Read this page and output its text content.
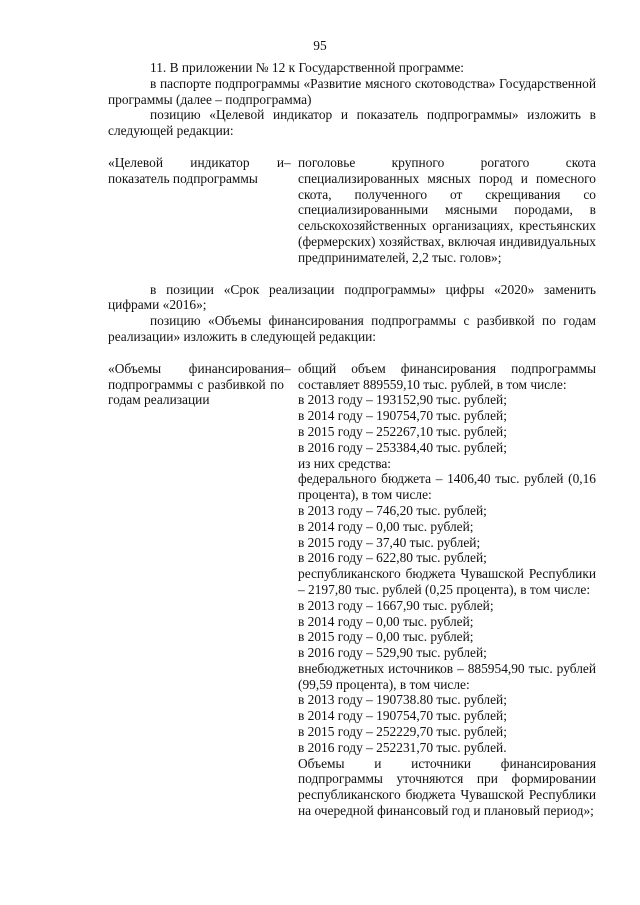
95

11. В приложении № 12 к Государственной программе:

в паспорте подпрограммы «Развитие мясного скотоводства» Государственной программы (далее – подпрограмма)

позицию «Целевой индикатор и показатель подпрограммы» изложить в следующей редакции:

«Целевой индикатор и показатель подпрограммы
– поголовье крупного рогатого скота специализированных мясных пород и помесного скота, полученного от скрещивания со специализированными мясными породами, в сельскохозяйственных организациях, крестьянских (фермерских) хозяйствах, включая индивидуальных предпринимателей, 2,2 тыс. голов»;

в позиции «Срок реализации подпрограммы» цифры «2020» заменить цифрами «2016»;

позицию «Объемы финансирования подпрограммы с разбивкой по годам реализации» изложить в следующей редакции:

«Объемы финансирования подпрограммы с разбивкой по годам реализации
– общий объем финансирования подпрограммы составляет 889559,10 тыс. рублей, в том числе:

в 2013 году – 193152,90 тыс. рублей;

в 2014 году – 190754,70 тыс. рублей;

в 2015 году – 252267,10 тыс. рублей;

в 2016 году – 253384,40 тыс. рублей;

из них средства:

федерального бюджета – 1406,40 тыс. рублей (0,16 процента), в том числе:

в 2013 году – 746,20 тыс. рублей;

в 2014 году – 0,00 тыс. рублей;

в 2015 году – 37,40 тыс. рублей;

в 2016 году – 622,80 тыс. рублей;

республиканского бюджета Чувашской Республики – 2197,80 тыс. рублей (0,25 процента), в том числе:

в 2013 году – 1667,90 тыс. рублей;

в 2014 году – 0,00 тыс. рублей;

в 2015 году – 0,00 тыс. рублей;

в 2016 году – 529,90 тыс. рублей;

внебюджетных источников – 885954,90 тыс. рублей (99,59 процента), в том числе:

в 2013 году – 190738.80 тыс. рублей;

в 2014 году – 190754,70 тыс. рублей;

в 2015 году – 252229,70 тыс. рублей;

в 2016 году – 252231,70 тыс. рублей.

Объемы и источники финансирования подпрограммы уточняются при формировании республиканского бюджета Чувашской Республики на очередной финансовый год и плановый период»;
